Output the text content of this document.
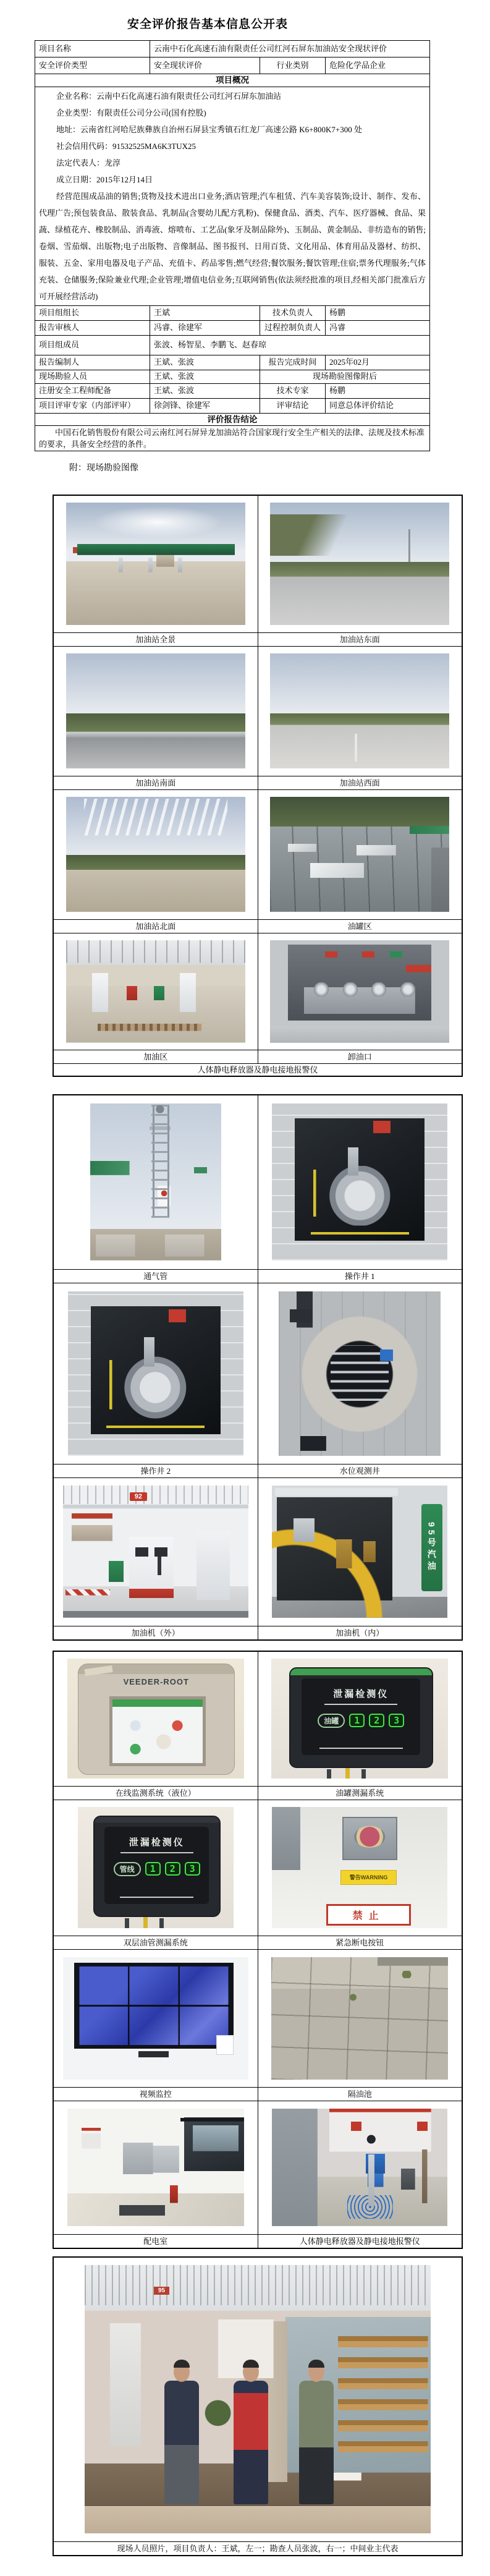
安全评价报告基本信息公开表
项目名称	云南中石化高速石油有限责任公司红河石屏东加油站安全现状评价		
安全评价类型	安全现状评价	行业类别	危险化学品企业
项目概况			

企业名称：云南中石化高速石油有限责任公司红河石屏东加油站

企业类型：有限责任公司分公司(国有控股)

地址：云南省红河哈尼族彝族自治州石屏县宝秀镇石红龙厂高速公路 K6+800K7+300 处

社会信用代码：91532525MA6K3TUX25

法定代表人：龙淳

成立日期：2015年12月14日

经营范围成品油的销售;货物及技术进出口业务;酒店管理;汽车租赁、汽车美容装饰;设计、制作、发布、代理广告;预包装食品、散装食品、乳制品(含婴幼儿配方乳粉)、保健食品、酒类、汽车、医疗器械、食品、果蔬、绿植花卉、橡胶制品、消毒液、熔喷布、工艺品(象牙及制品除外)、玉制品、黄金制品、非纺造布的销售;卷烟、雪茄烟、出版物;电子出版物、音像制品、图书报刊、日用百货、文化用品、体育用品及器材、纺织、服装、五金、家用电器及电子产品、充值卡、药品零售;燃气经营;餐饮服务;餐饮管理;住宿;票务代理服务;气体充装、仓储服务;保险兼业代理;企业管理;增值电信业务;互联网销售(依法须经批准的项目,经相关部门批准后方可开展经营活动)

项目组组长	王斌	技术负责人	杨鹏
报告审核人	冯睿、徐建军	过程控制负责人	冯睿
项目组成员	张波、杨智星、李鹏飞、赵春琼		
报告编制人	王斌、张波	报告完成时间	2025年02月
现场勘验人员	王斌、张波	现场勘验图像附后	
注册安全工程师配备	王斌、张波	技术专家	杨鹏
项目评审专家（内部评审）	徐剑锋、徐建军	评审结论	同意总体评价结论
评价报告结论			

中国石化销售股份有限公司云南红河石屏异龙加油站符合国家现行安全生产相关的法律、法规及技术标准的要求，具备安全经营的条件。			

附：现场勘验图像

加油站全景	加油站东面

加油站南面	加油站西面

加油站北面	油罐区

加油区	卸油口
人体静电释放器及静电接地报警仪	

通气管	操作井 1

操作井 2	水位观测井

92	95号汽油

加油机（外）	加油机（内）
VEEDER-ROOT	泄漏检测仪
油罐 1 2 3

在线监测系统（液位）	油罐测漏系统

泄漏检测仪
管线 1 2 3	警告WARNING
禁止

双层油管测漏系统	紧急断电按钮

视频监控	隔油池

配电室	人体静电释放器及静电接地报警仪
95

现场人员照片，项目负责人：王斌，左一；勘查人员张波，右一；中间业主代表
